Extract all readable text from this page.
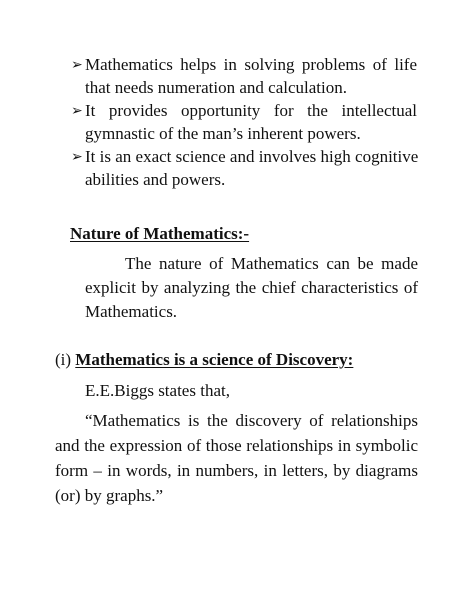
➢ Mathematics helps in solving problems of life
that needs numeration and calculation.
➢ It provides opportunity for the intellectual
gymnastic of the man’s inherent powers.
➢ It is an exact science and involves high cognitive
abilities and powers.
Nature of Mathematics:-
The nature of Mathematics can be made
explicit by analyzing the chief characteristics of
Mathematics.
(i) Mathematics is a science of Discovery:
E.E.Biggs states that,
“Mathematics is the discovery of relationships
and the expression of those relationships in symbolic
form – in words, in numbers, in letters, by diagrams
(or) by graphs.”
